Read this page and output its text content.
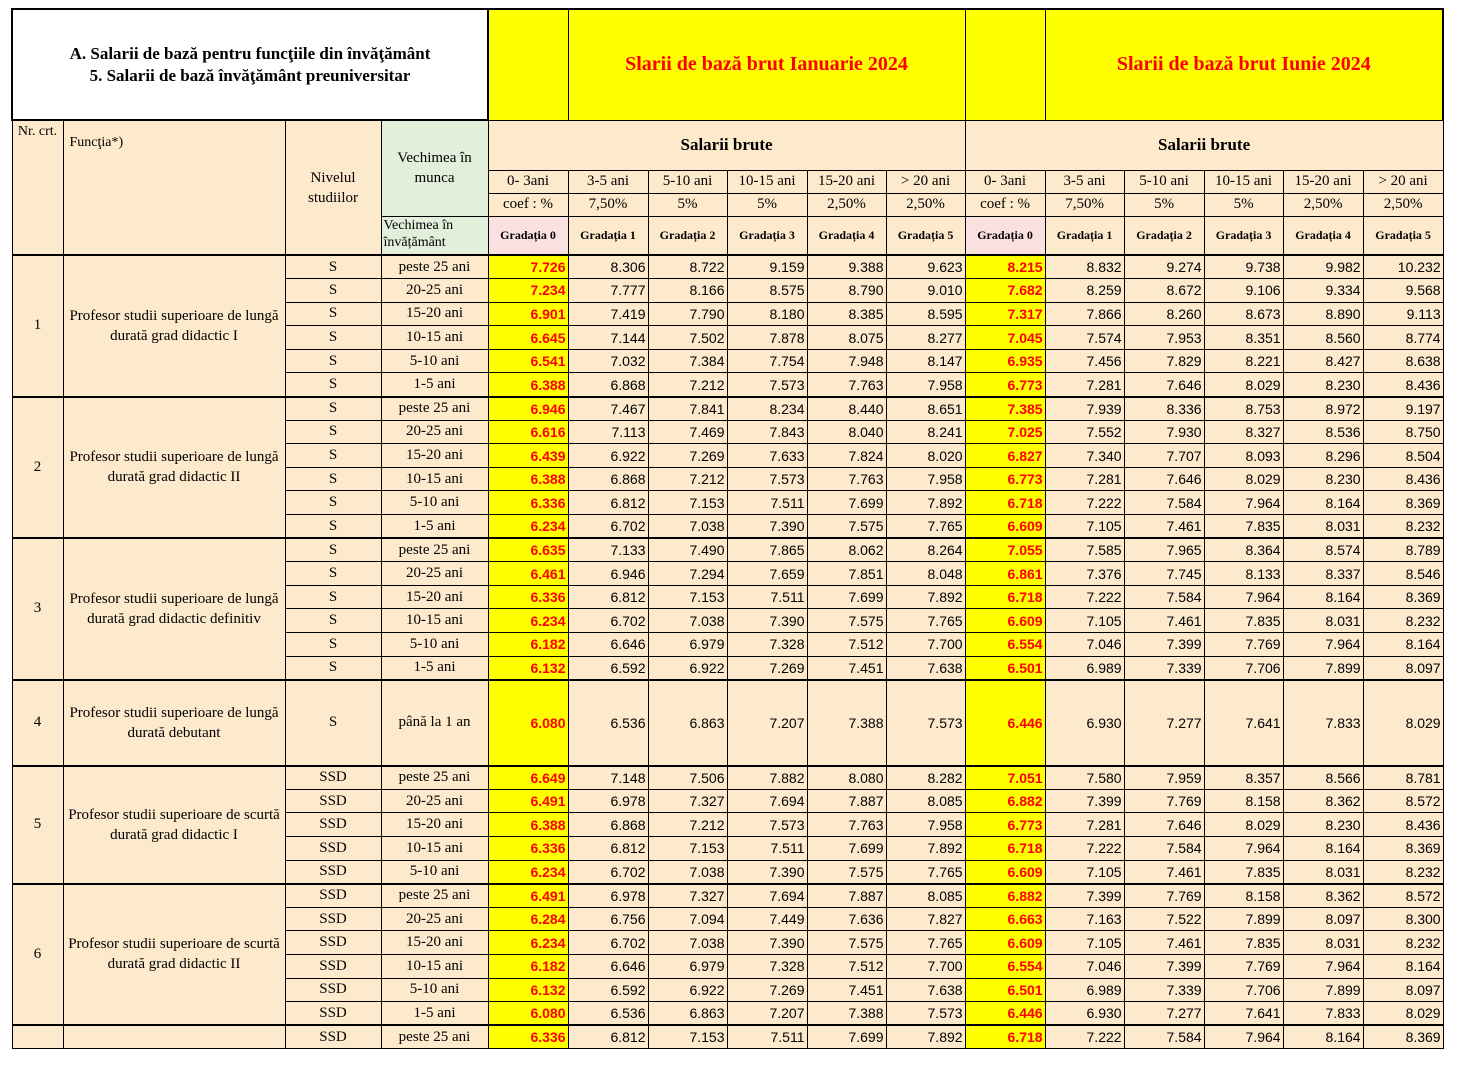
A. Salarii de bază pentru funcţiile din învăţământ
5. Salarii de bază învăţământ preuniversitar					Slarii de bază brut Ianuarie 2024						Slarii de bază brut Iunie 2024				
Nr. crt.	Funcţia*)	Nivelul studiilor	Vechimea în munca	Salarii brute						Salarii brute					
				0- 3ani	3-5 ani	5-10 ani	10-15 ani	15-20 ani	> 20 ani	0- 3ani	3-5 ani	5-10 ani	10-15 ani	15-20 ani	> 20 ani
				coef : %	7,50%	5%	5%	2,50%	2,50%	coef : %	7,50%	5%	5%	2,50%	2,50%
			Vechimea în învățământ	Gradația 0	Gradația 1	Gradația 2	Gradația 3	Gradația 4	Gradația 5	Gradația 0	Gradația 1	Gradația 2	Gradația 3	Gradația 4	Gradația 5
1	Profesor studii superioare de lungă durată grad didactic I	S	peste 25 ani	7.726	8.306	8.722	9.159	9.388	9.623	8.215	8.832	9.274	9.738	9.982	10.232
		S	20-25 ani	7.234	7.777	8.166	8.575	8.790	9.010	7.682	8.259	8.672	9.106	9.334	9.568
		S	15-20 ani	6.901	7.419	7.790	8.180	8.385	8.595	7.317	7.866	8.260	8.673	8.890	9.113
		S	10-15 ani	6.645	7.144	7.502	7.878	8.075	8.277	7.045	7.574	7.953	8.351	8.560	8.774
		S	5-10 ani	6.541	7.032	7.384	7.754	7.948	8.147	6.935	7.456	7.829	8.221	8.427	8.638
		S	1-5 ani	6.388	6.868	7.212	7.573	7.763	7.958	6.773	7.281	7.646	8.029	8.230	8.436
2	Profesor studii superioare de lungă durată grad didactic II	S	peste 25 ani	6.946	7.467	7.841	8.234	8.440	8.651	7.385	7.939	8.336	8.753	8.972	9.197
		S	20-25 ani	6.616	7.113	7.469	7.843	8.040	8.241	7.025	7.552	7.930	8.327	8.536	8.750
		S	15-20 ani	6.439	6.922	7.269	7.633	7.824	8.020	6.827	7.340	7.707	8.093	8.296	8.504
		S	10-15 ani	6.388	6.868	7.212	7.573	7.763	7.958	6.773	7.281	7.646	8.029	8.230	8.436
		S	5-10 ani	6.336	6.812	7.153	7.511	7.699	7.892	6.718	7.222	7.584	7.964	8.164	8.369
		S	1-5 ani	6.234	6.702	7.038	7.390	7.575	7.765	6.609	7.105	7.461	7.835	8.031	8.232
3	Profesor studii superioare de lungă durată grad didactic definitiv	S	peste 25 ani	6.635	7.133	7.490	7.865	8.062	8.264	7.055	7.585	7.965	8.364	8.574	8.789
		S	20-25 ani	6.461	6.946	7.294	7.659	7.851	8.048	6.861	7.376	7.745	8.133	8.337	8.546
		S	15-20 ani	6.336	6.812	7.153	7.511	7.699	7.892	6.718	7.222	7.584	7.964	8.164	8.369
		S	10-15 ani	6.234	6.702	7.038	7.390	7.575	7.765	6.609	7.105	7.461	7.835	8.031	8.232
		S	5-10 ani	6.182	6.646	6.979	7.328	7.512	7.700	6.554	7.046	7.399	7.769	7.964	8.164
		S	1-5 ani	6.132	6.592	6.922	7.269	7.451	7.638	6.501	6.989	7.339	7.706	7.899	8.097
4	Profesor studii superioare de lungă durată debutant	S	până la 1 an	6.080	6.536	6.863	7.207	7.388	7.573	6.446	6.930	7.277	7.641	7.833	8.029
5	Profesor studii superioare de scurtă durată grad didactic I	SSD	peste 25 ani	6.649	7.148	7.506	7.882	8.080	8.282	7.051	7.580	7.959	8.357	8.566	8.781
		SSD	20-25 ani	6.491	6.978	7.327	7.694	7.887	8.085	6.882	7.399	7.769	8.158	8.362	8.572
		SSD	15-20 ani	6.388	6.868	7.212	7.573	7.763	7.958	6.773	7.281	7.646	8.029	8.230	8.436
		SSD	10-15 ani	6.336	6.812	7.153	7.511	7.699	7.892	6.718	7.222	7.584	7.964	8.164	8.369
		SSD	5-10 ani	6.234	6.702	7.038	7.390	7.575	7.765	6.609	7.105	7.461	7.835	8.031	8.232
6	Profesor studii superioare de scurtă durată grad didactic II	SSD	peste 25 ani	6.491	6.978	7.327	7.694	7.887	8.085	6.882	7.399	7.769	8.158	8.362	8.572
		SSD	20-25 ani	6.284	6.756	7.094	7.449	7.636	7.827	6.663	7.163	7.522	7.899	8.097	8.300
		SSD	15-20 ani	6.234	6.702	7.038	7.390	7.575	7.765	6.609	7.105	7.461	7.835	8.031	8.232
		SSD	10-15 ani	6.182	6.646	6.979	7.328	7.512	7.700	6.554	7.046	7.399	7.769	7.964	8.164
		SSD	5-10 ani	6.132	6.592	6.922	7.269	7.451	7.638	6.501	6.989	7.339	7.706	7.899	8.097
		SSD	1-5 ani	6.080	6.536	6.863	7.207	7.388	7.573	6.446	6.930	7.277	7.641	7.833	8.029
		SSD	peste 25 ani	6.336	6.812	7.153	7.511	7.699	7.892	6.718	7.222	7.584	7.964	8.164	8.369
